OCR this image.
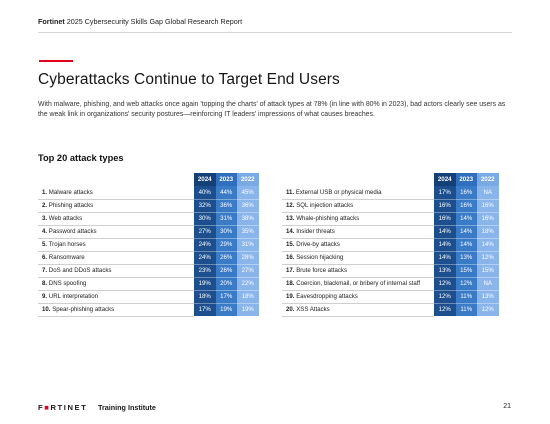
Fortinet 2025 Cybersecurity Skills Gap Global Research Report
Cyberattacks Continue to Target End Users

With malware, phishing, and web attacks once again 'topping the charts' of attack types at 78% (in line with 80% in 2023), bad actors clearly see users as the weak link in organizations' security postures—reinforcing IT leaders' impressions of what causes breaches.

Top 20 attack types
	2024	2023	2022
1. Malware attacks	40%	44%	45%
2. Phishing attacks	32%	36%	36%
3. Web attacks	30%	31%	38%
4. Password attacks	27%	30%	35%
5. Trojan horses	24%	29%	31%
6. Ransomware	24%	26%	28%
7. DoS and DDoS attacks	23%	26%	27%
8. DNS spoofing	19%	20%	22%
9. URL interpretation	18%	17%	18%
10. Spear-phishing attacks	17%	19%	19%
	2024	2023	2022
11. External USB or physical media	17%	16%	NA
12. SQL injection attacks	16%	16%	16%
13. Whale-phishing attacks	16%	14%	16%
14. Insider threats	14%	14%	18%
15. Drive-by attacks	14%	14%	14%
16. Session hijacking	14%	13%	12%
17. Brute force attacks	13%	15%	15%
18. Coercion, blackmail, or bribery of internal staff	12%	12%	NA
19. Eavesdropping attacks	12%	11%	13%
20. XSS Attacks	12%	11%	12%
F■RTINET Training Institute	21
